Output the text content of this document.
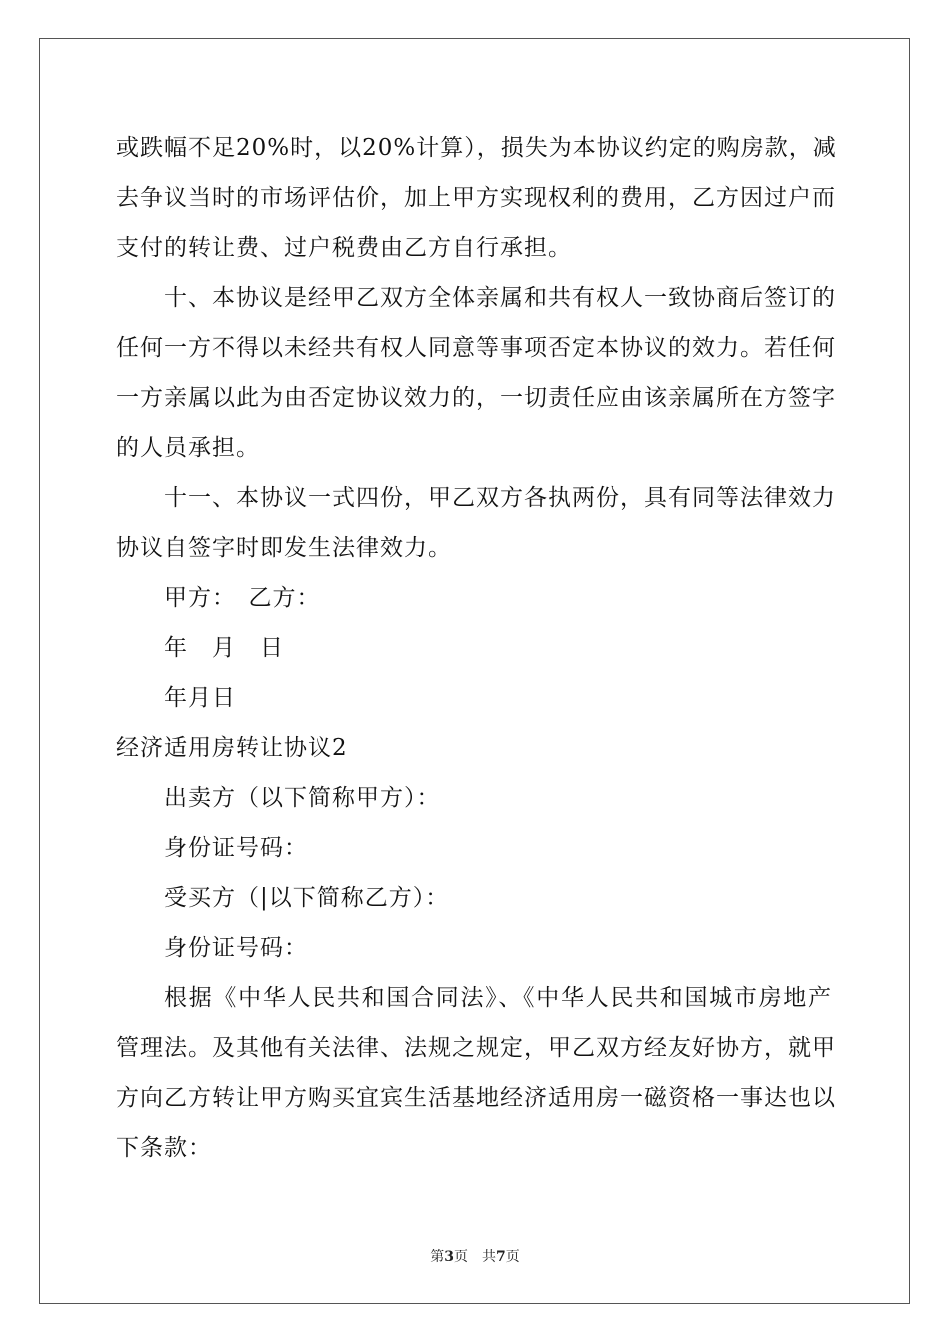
或跌幅不足20%时，以20%计算），损失为本协议约定的购房款，减
去争议当时的市场评估价，加上甲方实现权利的费用，乙方因过户而
支付的转让费、过户税费由乙方自行承担。
十、本协议是经甲乙双方全体亲属和共有权人一致协商后签订的
任何一方不得以未经共有权人同意等事项否定本协议的效力。若任何
一方亲属以此为由否定协议效力的，一切责任应由该亲属所在方签字
的人员承担。
十一、本协议一式四份，甲乙双方各执两份，具有同等法律效力
协议自签字时即发生法律效力。
甲方：　乙方：
年　月　日
年月日
经济适用房转让协议2
出卖方（以下简称甲方）：
身份证号码：
受买方（|以下简称乙方）：
身份证号码：
根据《中华人民共和国合同法》、《中华人民共和国城市房地产
管理法。及其他有关法律、法规之规定，甲乙双方经友好协方，就甲
方向乙方转让甲方购买宜宾生活基地经济适用房一磁资格一事达也以
下条款：
第3页 共7页
